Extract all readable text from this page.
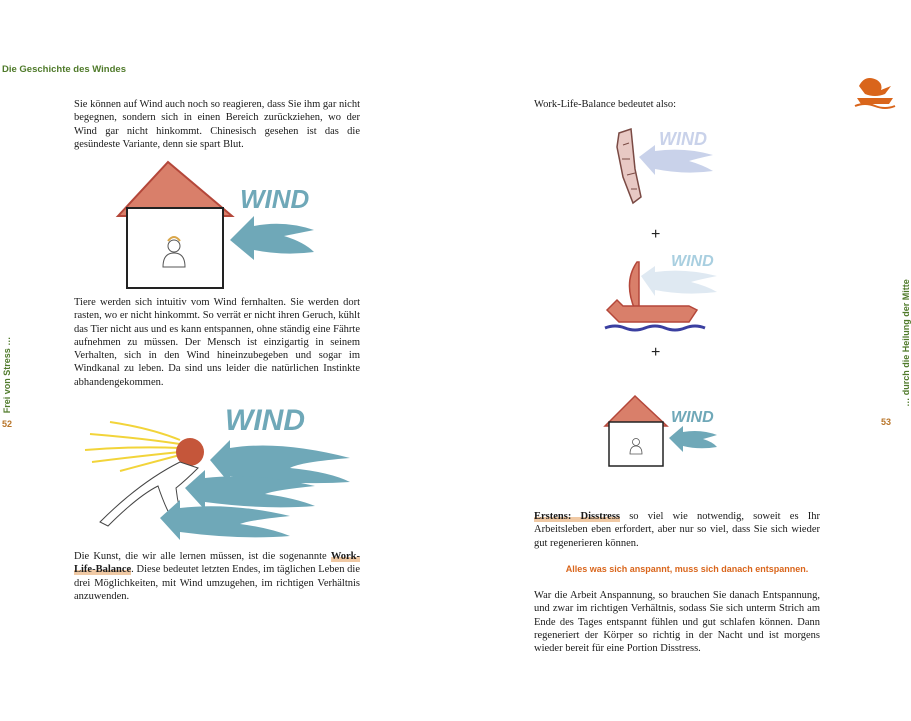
Die Geschichte des Windes
Frei von Stress …
52

Sie können auf Wind auch noch so reagieren, dass Sie ihm gar nicht begegnen, sondern sich in einen Bereich zurückziehen, wo der Wind gar nicht hinkommt. Chinesisch gesehen ist das die gesündeste Variante, denn sie spart Blut.

WIND

Tiere werden sich intuitiv vom Wind fernhalten. Sie werden dort rasten, wo er nicht hinkommt. So verrät er nicht ihren Geruch, kühlt das Tier nicht aus und es kann entspannen, ohne ständig eine Fährte aufnehmen zu müssen. Der Mensch ist einzigartig in seinem Verhalten, sich in den Wind hineinzubegeben und sogar im Windkanal zu leben. Da sind uns leider die natürlichen Instinkte abhandengekommen.

WIND

Die Kunst, die wir alle lernen müssen, ist die sogenannte Work-Life-Balance. Diese bedeutet letzten Endes, im täglichen Leben die drei Möglichkeiten, mit Wind umzugehen, im richtigen Verhältnis anzuwenden.

… durch die Heilung der Mitte
53

Work-Life-Balance bedeutet also:

WIND
+
WIND
+
WIND

Erstens: Disstress so viel wie notwendig, soweit es Ihr Arbeitsleben eben erfordert, aber nur so viel, dass Sie sich wieder gut regenerieren können.

Alles was sich anspannt, muss sich danach entspannen.

War die Arbeit Anspannung, so brauchen Sie danach Entspannung, und zwar im richtigen Verhältnis, sodass Sie sich unterm Strich am Ende des Tages entspannt fühlen und gut schlafen können. Dann regeneriert der Körper so richtig in der Nacht und ist morgens wieder bereit für eine Portion Disstress.
